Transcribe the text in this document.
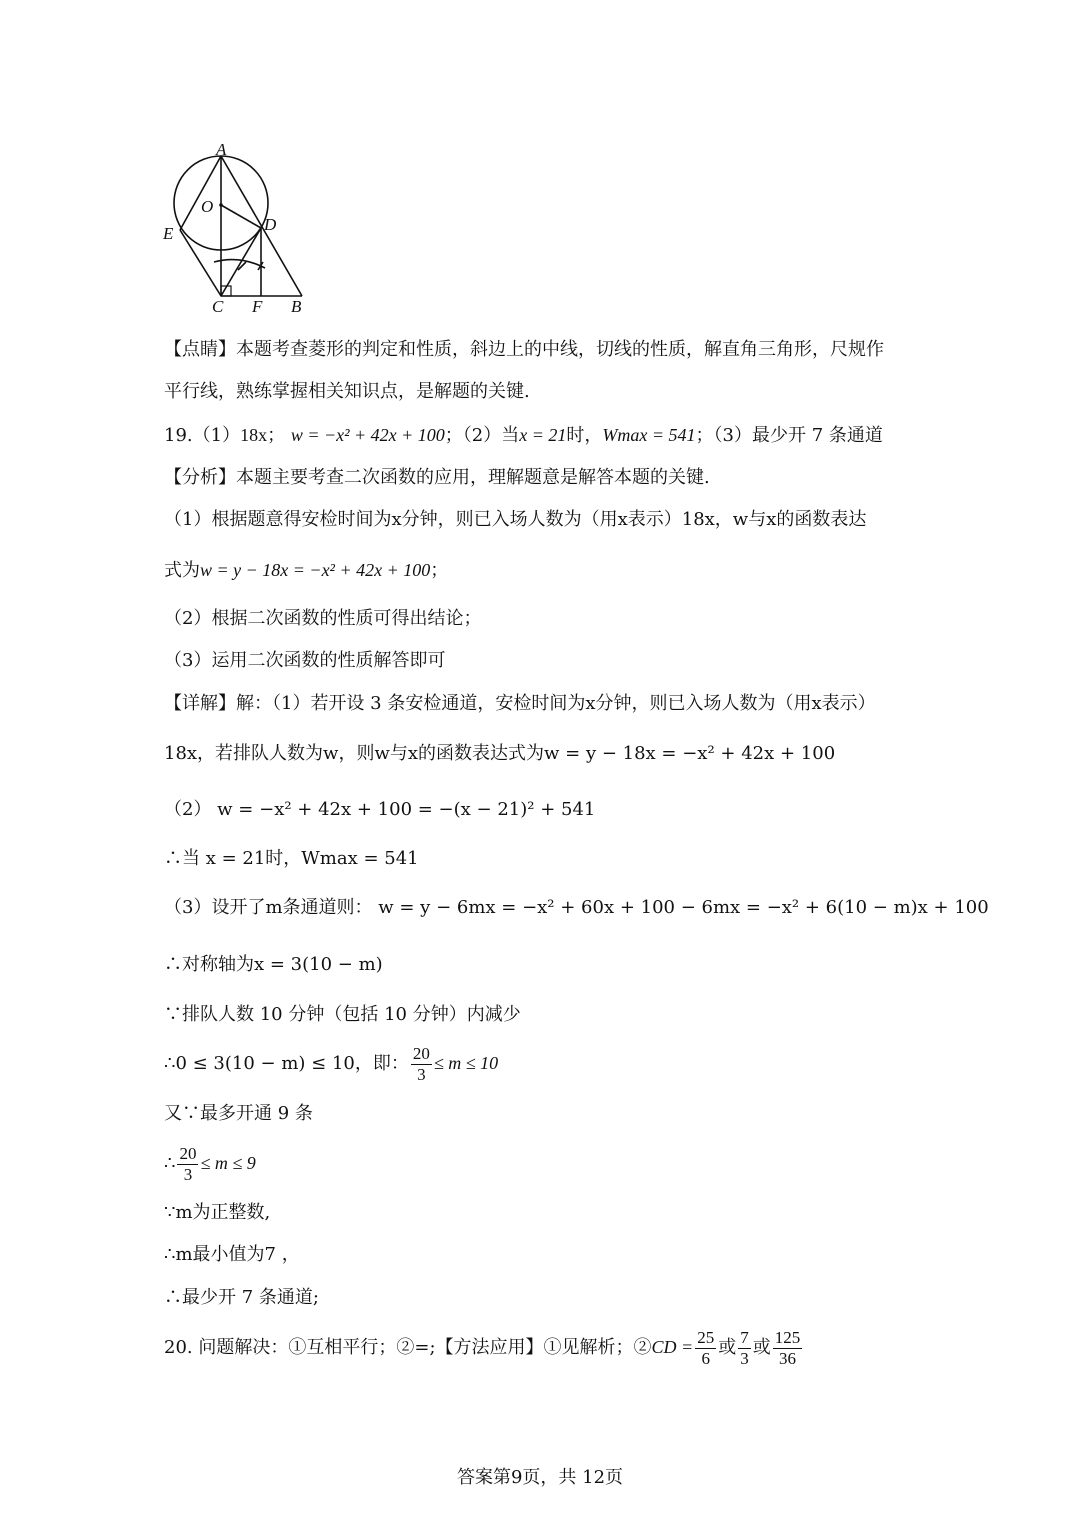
A
O
E	D
C F B
【点睛】本题考查菱形的判定和性质，斜边上的中线，切线的性质，解直角三角形，尺规作
平行线，熟练掌握相关知识点，是解题的关键.
19.（1）18x； w = −x² + 42x + 100；（2）当x = 21时，Wmax = 541；（3）最少开 7 条通道
【分析】本题主要考查二次函数的应用，理解题意是解答本题的关键.
（1）根据题意得安检时间为x分钟，则已入场人数为（用x表示）18x，w与x的函数表达
式为w = y − 18x = −x² + 42x + 100；
（2）根据二次函数的性质可得出结论；
（3）运用二次函数的性质解答即可
【详解】解：（1）若开设 3 条安检通道，安检时间为x分钟，则已入场人数为（用x表示）
18x，若排队人数为w，则w与x的函数表达式为w = y − 18x = −x² + 42x + 100
（2） w = −x² + 42x + 100 = −(x − 21)² + 541
∴当 x = 21时，Wmax = 541
（3）设开了m条通道则： w = y − 6mx = −x² + 60x + 100 − 6mx = −x² + 6(10 − m)x + 100
∴对称轴为x = 3(10 − m)
∵排队人数 10 分钟（包括 10 分钟）内减少
∴0 ≤ 3(10 − m) ≤ 10，即： $\frac{20}{3} \le m \le 10$
又∵最多开通 9 条
∴ $\frac{20}{3} \le m \le 9$
∵m为正整数,
∴m最小值为7 ，
∴最少开 7 条通道;
20. 问题解决：①互相平行；②=;【方法应用】①见解析；②CD = $\frac{25}{6}$ 或 $\frac{7}{3}$ 或 $\frac{125}{36}$
答案第9页，共 12页
